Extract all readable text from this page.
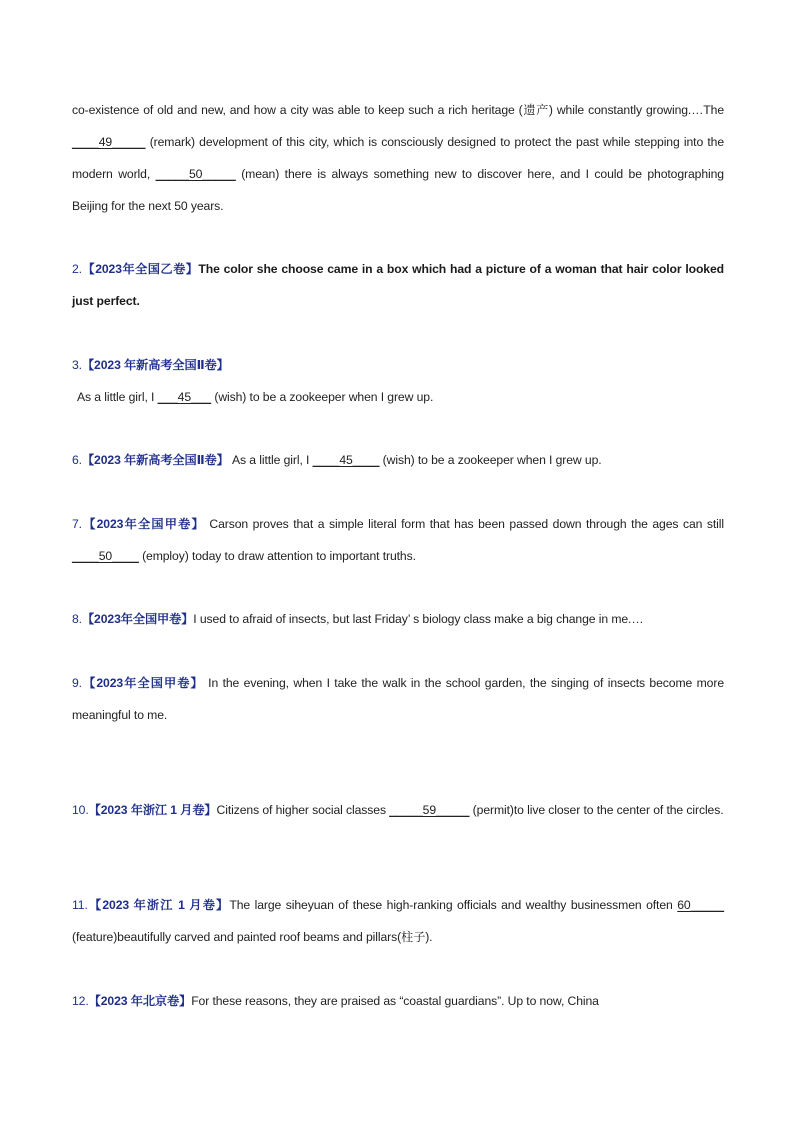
co-existence of old and new, and how a city was able to keep such a rich heritage (遗产) while constantly growing.…The ____49_____ (remark) development of this city, which is consciously designed to protect the past while stepping into the modern world, _____50_____ (mean) there is always something new to discover here, and I could be photographing Beijing for the next 50 years.

2.【2023年全国乙卷】The color she choose came in a box which had a picture of a woman that hair color looked just perfect.

3.【2023 年新高考全国Ⅱ卷】

As a little girl, I ___45___ (wish) to be a zookeeper when I grew up.

6.【2023 年新高考全国Ⅱ卷】 As a little girl, I ____45____ (wish) to be a zookeeper when I grew up.

7.【2023年全国甲卷】 Carson proves that a simple literal form that has been passed down through the ages can still ____50____ (employ) today to draw attention to important truths.

8.【2023年全国甲卷】I used to afraid of insects, but last Friday’ s biology class make a big change in me.…

9.【2023年全国甲卷】 In the evening, when I take the walk in the school garden, the singing of insects become more meaningful to me.

10.【2023 年浙江 1 月卷】Citizens of higher social classes _____59_____ (permit)to live closer to the center of the circles.

11.【2023 年浙江 1 月卷】The large siheyuan of these high-ranking officials and wealthy businessmen often 60_____ (feature)beautifully carved and painted roof beams and pillars(柱子).

12.【2023 年北京卷】For these reasons, they are praised as “coastal guardians”. Up to now, China
